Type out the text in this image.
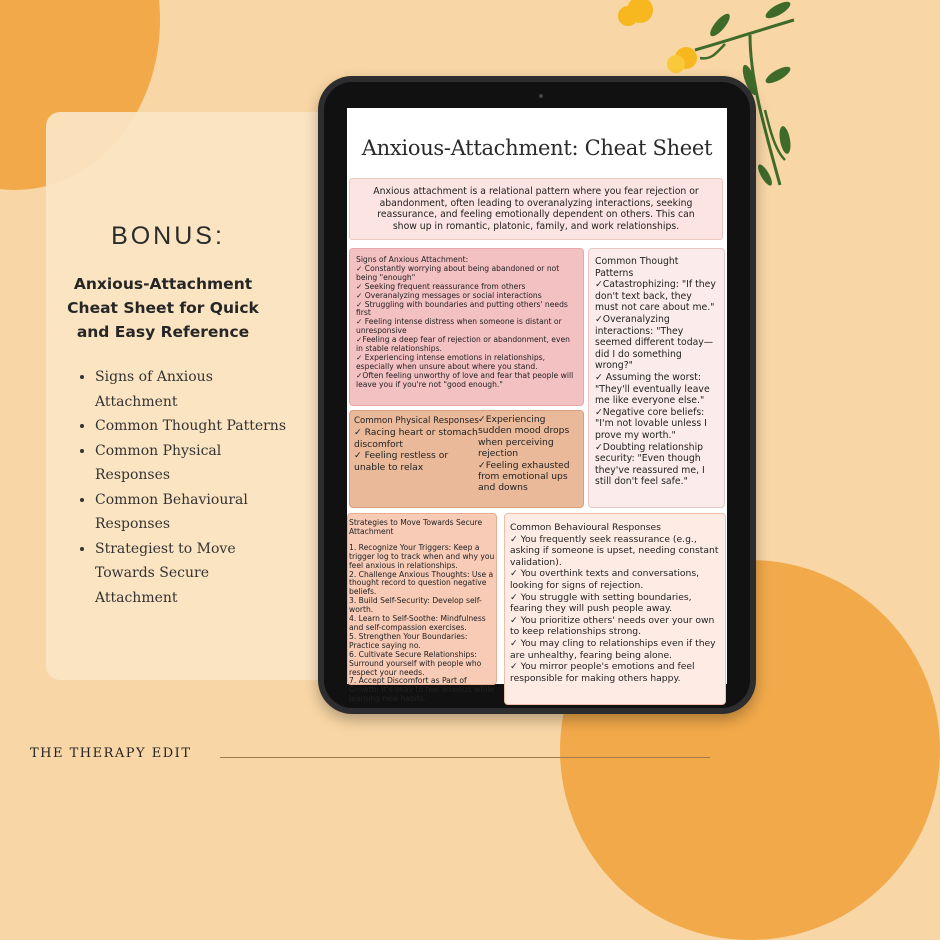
BONUS:
Anxious-Attachment Cheat Sheet for Quick and Easy Reference
• Signs of Anxious Attachment
• Common Thought Patterns
• Common Physical Responses
• Common Behavioural Responses
• Strategiest to Move Towards Secure Attachment
THE THERAPY EDIT
Anxious-Attachment: Cheat Sheet
Anxious attachment is a relational pattern where you fear rejection or abandonment, often leading to overanalyzing interactions, seeking reassurance, and feeling emotionally dependent on others. This can show up in romantic, platonic, family, and work relationships.
Signs of Anxious Attachment:
✓ Constantly worrying about being abandoned or not being "enough"
✓ Seeking frequent reassurance from others
✓ Overanalyzing messages or social interactions
✓ Struggling with boundaries and putting others' needs first
✓ Feeling intense distress when someone is distant or unresponsive
✓Feeling a deep fear of rejection or abandonment, even in stable relationships.
✓ Experiencing intense emotions in relationships, especially when unsure about where you stand.
✓Often feeling unworthy of love and fear that people will leave you if you're not "good enough."
Common Thought Patterns
✓Catastrophizing: "If they don't text back, they must not care about me."
✓Overanalyzing interactions: "They seemed different today—did I do something wrong?"
✓ Assuming the worst: "They'll eventually leave me like everyone else."
✓Negative core beliefs: "I'm not lovable unless I prove my worth."
✓Doubting relationship security: "Even though they've reassured me, I still don't feel safe."
Common Physical Responses
✓ Racing heart or stomach discomfort
✓ Feeling restless or unable to relax
✓Experiencing sudden mood drops when perceiving rejection
✓Feeling exhausted from emotional ups and downs
Strategies to Move Towards Secure Attachment
1. Recognize Your Triggers: Keep a trigger log to track when and why you feel anxious in relationships.
2. Challenge Anxious Thoughts: Use a thought record to question negative beliefs.
3. Build Self-Security: Develop self-worth.
4. Learn to Self-Soothe: Mindfulness and self-compassion exercises.
5. Strengthen Your Boundaries: Practice saying no.
6. Cultivate Secure Relationships: Surround yourself with people who respect your needs.
7. Accept Discomfort as Part of Growth: It's okay to feel anxious while learning new habits.
Common Behavioural Responses
✓ You frequently seek reassurance (e.g., asking if someone is upset, needing constant validation).
✓ You overthink texts and conversations, looking for signs of rejection.
✓ You struggle with setting boundaries, fearing they will push people away.
✓ You prioritize others' needs over your own to keep relationships strong.
✓ You may cling to relationships even if they are unhealthy, fearing being alone.
✓ You mirror people's emotions and feel responsible for making others happy.
